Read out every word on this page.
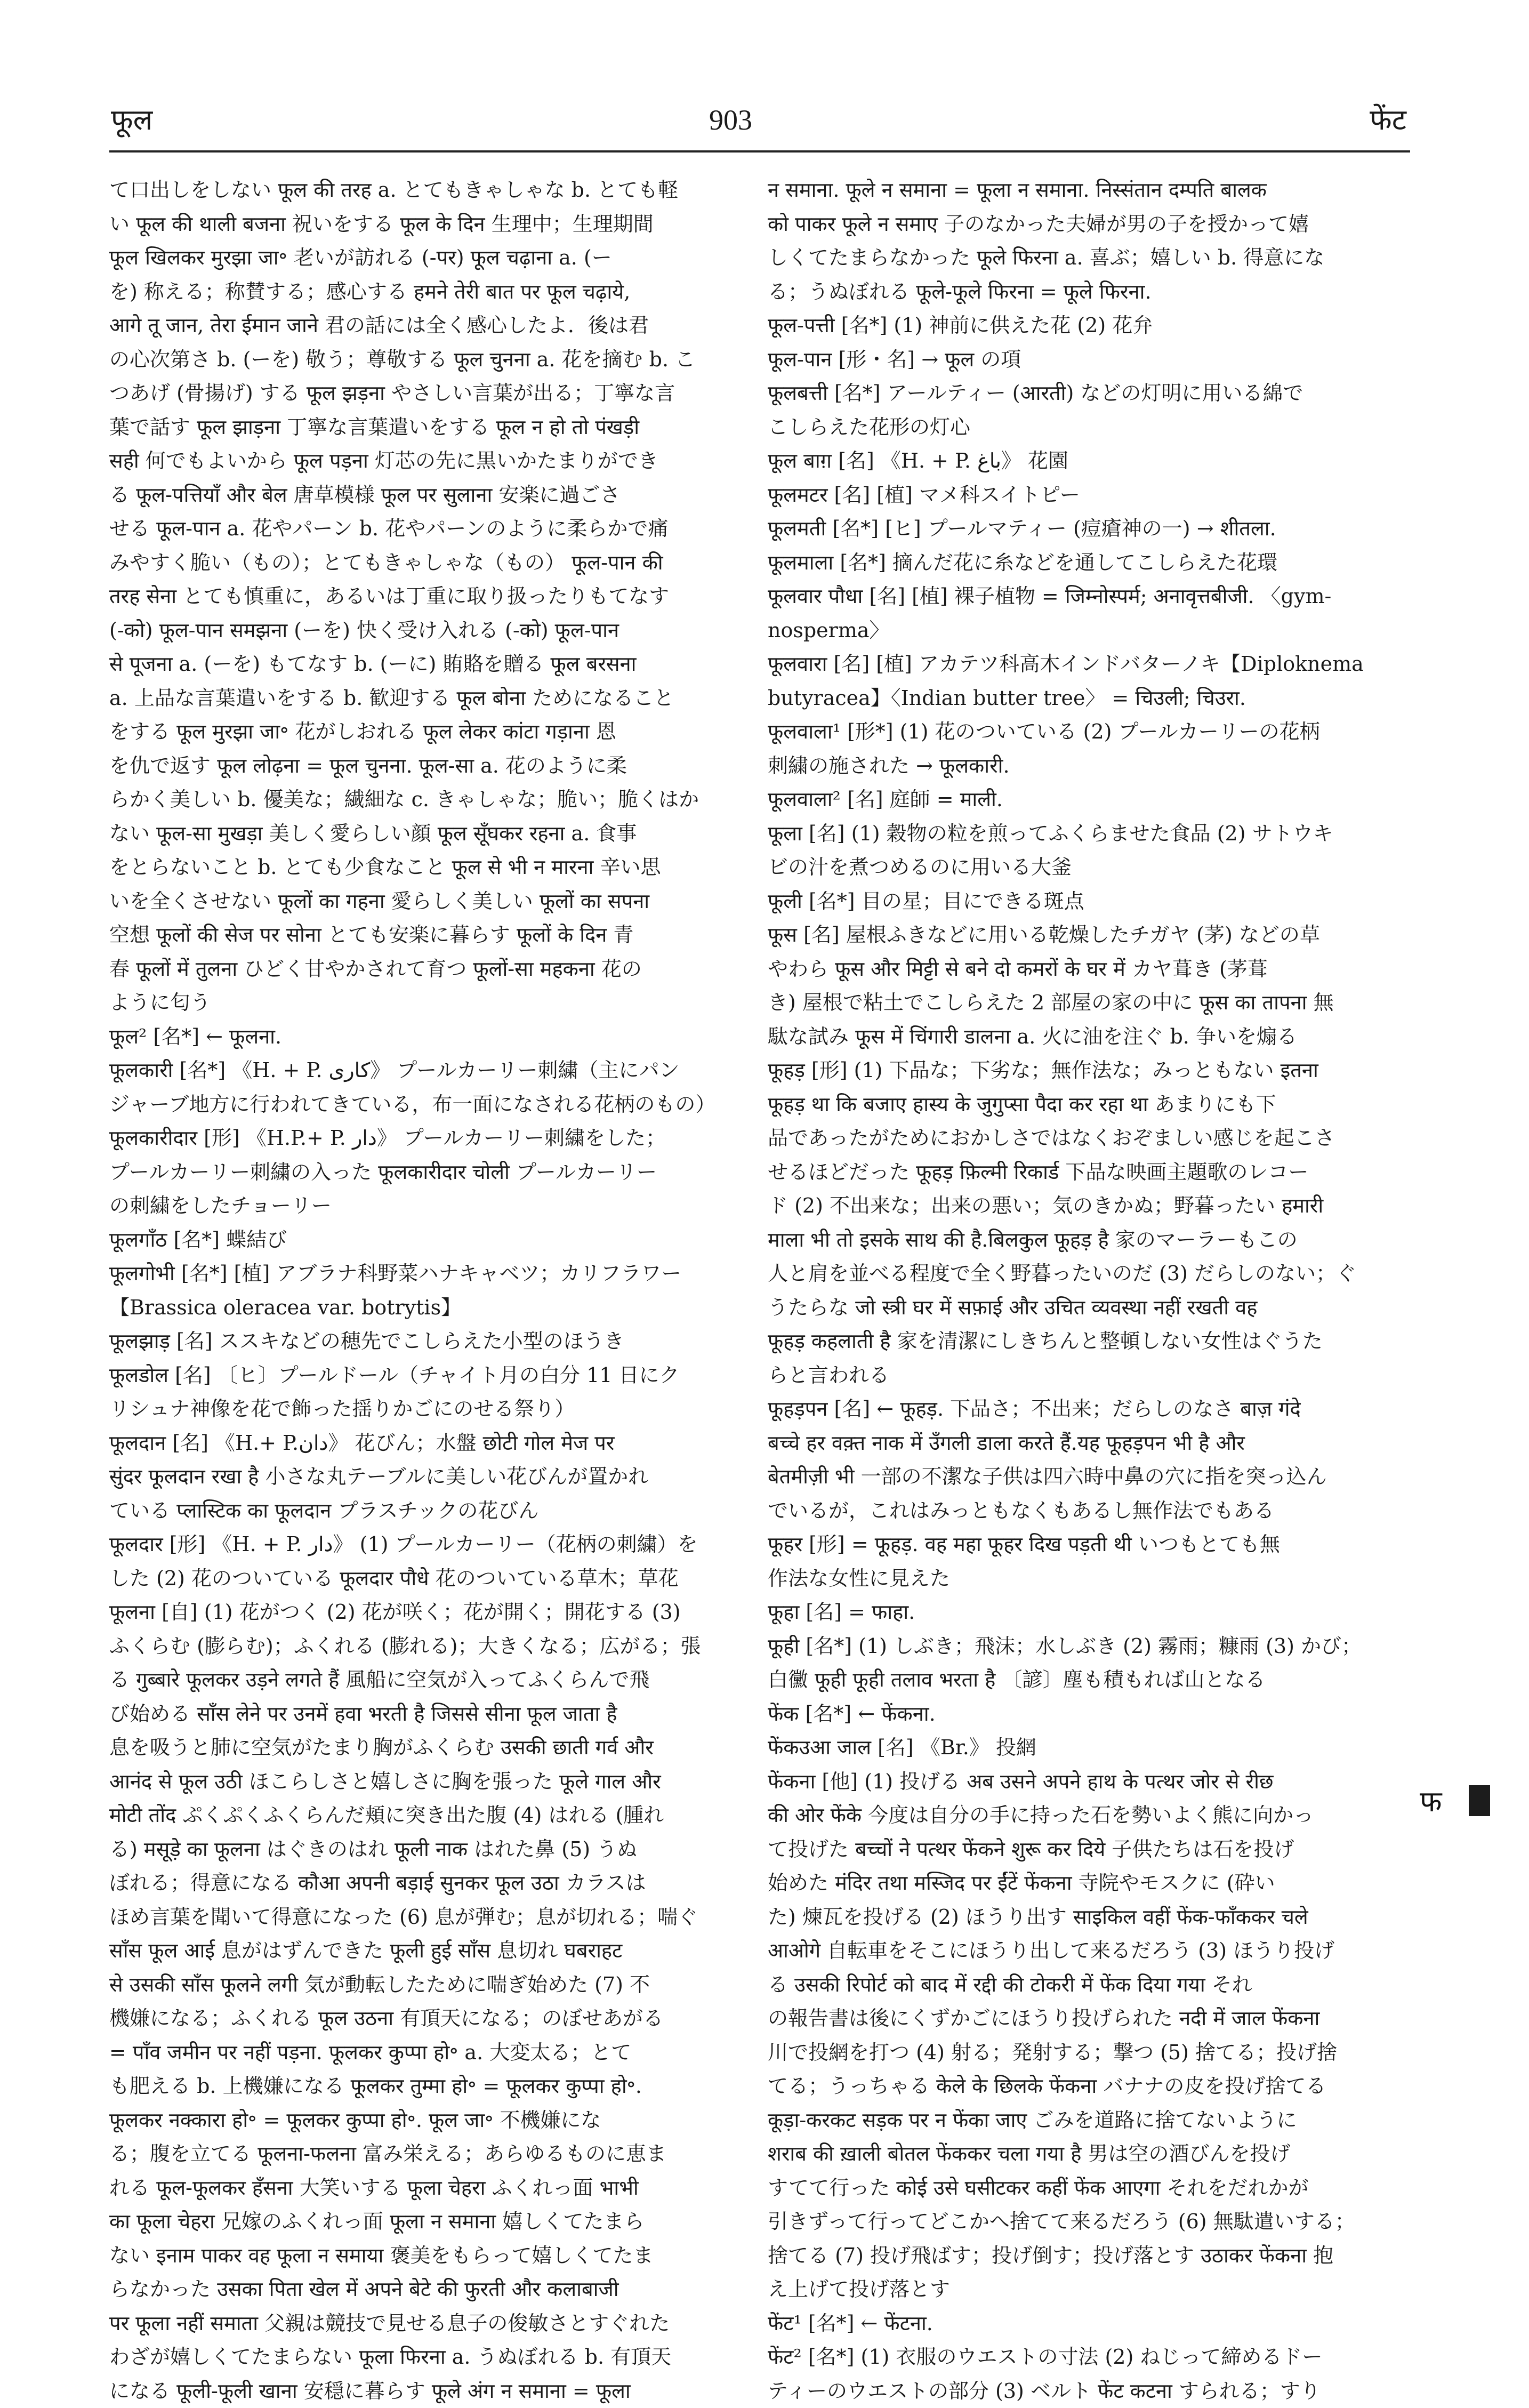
फूल	903	फेंट
て口出しをしない फूल की तरह a. とてもきゃしゃな b. とても軽
い फूल की थाली बजना 祝いをする फूल के दिन 生理中；生理期間
फूल खिलकर मुरझा जा॰ 老いが訪れる (-पर) फूल चढ़ाना a. (ー
を) 称える；称賛する；感心する हमने तेरी बात पर फूल चढ़ाये,
आगे तू जान, तेरा ईमान जाने 君の話には全く感心したよ．後は君
の心次第さ b. (ーを) 敬う；尊敬する फूल चुनना a. 花を摘む b. こ
つあげ (骨揚げ) する फूल झड़ना やさしい言葉が出る；丁寧な言
葉で話す फूल झाड़ना 丁寧な言葉遣いをする फूल न हो तो पंखड़ी
सही 何でもよいから फूल पड़ना 灯芯の先に黒いかたまりができ
る फूल-पत्तियाँ और बेल 唐草模様 फूल पर सुलाना 安楽に過ごさ
せる फूल-पान a. 花やパーン b. 花やパーンのように柔らかで痛
みやすく脆い（もの）；とてもきゃしゃな（もの） फूल-पान की
तरह सेना とても慎重に，あるいは丁重に取り扱ったりもてなす
(-को) फूल-पान समझना (ーを) 快く受け入れる (-को) फूल-पान
से पूजना a. (ーを) もてなす b. (ーに) 賄賂を贈る फूल बरसना
a. 上品な言葉遣いをする b. 歓迎する फूल बोना ためになること
をする फूल मुरझा जा॰ 花がしおれる फूल लेकर कांटा गड़ाना 恩
を仇で返す फूल लोढ़ना = फूल चुनना. फूल-सा a. 花のように柔
らかく美しい b. 優美な；繊細な c. きゃしゃな；脆い；脆くはか
ない फूल-सा मुखड़ा 美しく愛らしい顔 फूल सूँघकर रहना a. 食事
をとらないこと b. とても少食なこと फूल से भी न मारना 辛い思
いを全くさせない फूलों का गहना 愛らしく美しい फूलों का सपना
空想 फूलों की सेज पर सोना とても安楽に暮らす फूलों के दिन 青
春 फूलों में तुलना ひどく甘やかされて育つ फूलों-सा महकना 花の
ように匂う
फूल² [名*] ← फूलना.
फूलकारी [名*] 《H. + P. کاری》 プールカーリー刺繍（主にパン
ジャーブ地方に行われてきている，布一面になされる花柄のもの）
फूलकारीदार [形] 《H.P.+ P. دار》 プールカーリー刺繍をした；
プールカーリー刺繍の入った फूलकारीदार चोली プールカーリー
の刺繍をしたチョーリー
फूलगाँठ [名*] 蝶結び
फूलगोभी [名*] [植] アブラナ科野菜ハナキャベツ；カリフラワー
【Brassica oleracea var. botrytis】
फूलझाड़ [名] ススキなどの穂先でこしらえた小型のほうき
फूलडोल [名] 〔ヒ〕プールドール（チャイト月の白分 11 日にク
リシュナ神像を花で飾った揺りかごにのせる祭り）
फूलदान [名] 《H.+ P.دان》 花びん；水盤 छोटी गोल मेज पर
सुंदर फूलदान रखा है 小さな丸テーブルに美しい花びんが置かれ
ている प्लास्टिक का फूलदान プラスチックの花びん
फूलदार [形] 《H. + P. دار》 (1) プールカーリー（花柄の刺繍）を
した (2) 花のついている फूलदार पौधे 花のついている草木；草花
फूलना [自] (1) 花がつく (2) 花が咲く；花が開く；開花する (3)
ふくらむ (膨らむ)；ふくれる (膨れる)；大きくなる；広がる；張
る गुब्बारे फूलकर उड़ने लगते हैं 風船に空気が入ってふくらんで飛
び始める साँस लेने पर उनमें हवा भरती है जिससे सीना फूल जाता है
息を吸うと肺に空気がたまり胸がふくらむ उसकी छाती गर्व और
आनंद से फूल उठी ほこらしさと嬉しさに胸を張った फूले गाल और
मोटी तोंद ぷくぷくふくらんだ頬に突き出た腹 (4) はれる (腫れ
る) मसूड़े का फूलना はぐきのはれ फूली नाक はれた鼻 (5) うぬ
ぼれる；得意になる कौआ अपनी बड़ाई सुनकर फूल उठा カラスは
ほめ言葉を聞いて得意になった (6) 息が弾む；息が切れる；喘ぐ
साँस फूल आई 息がはずんできた फूली हुई साँस 息切れ घबराहट
से उसकी साँस फूलने लगी 気が動転したために喘ぎ始めた (7) 不
機嫌になる；ふくれる फूल उठना 有頂天になる；のぼせあがる
= पाँव जमीन पर नहीं पड़ना. फूलकर कुप्पा हो॰ a. 大変太る；とて
も肥える b. 上機嫌になる फूलकर तुम्मा हो॰ = फूलकर कुप्पा हो॰.
फूलकर नक्कारा हो॰ = फूलकर कुप्पा हो॰. फूल जा॰ 不機嫌にな
る；腹を立てる फूलना-फलना 富み栄える；あらゆるものに恵ま
れる फूल-फूलकर हँसना 大笑いする फूला चेहरा ふくれっ面 भाभी
का फूला चेहरा 兄嫁のふくれっ面 फूला न समाना 嬉しくてたまら
ない इनाम पाकर वह फूला न समाया 褒美をもらって嬉しくてたま
らなかった उसका पिता खेल में अपने बेटे की फुरती और कलाबाजी
पर फूला नहीं समाता 父親は競技で見せる息子の俊敏さとすぐれた
わざが嬉しくてたまらない फूला फिरना a. うぬぼれる b. 有頂天
になる फूली-फूली खाना 安穏に暮らす फूले अंग न समाना = फूला
न समाना. फूले न समाना = फूला न समाना. निस्संतान दम्पति बालक
को पाकर फूले न समाए 子のなかった夫婦が男の子を授かって嬉
しくてたまらなかった फूले फिरना a. 喜ぶ；嬉しい b. 得意にな
る；うぬぼれる फूले-फूले फिरना = फूले फिरना.
फूल-पत्ती [名*] (1) 神前に供えた花 (2) 花弁
फूल-पान [形・名] → फूल の項
फूलबत्ती [名*] アールティー (आरती) などの灯明に用いる綿で
こしらえた花形の灯心
फूल बाग़ [名] 《H. + P. باغ》 花園
फूलमटर [名] [植] マメ科スイトピー
फूलमती [名*] [ヒ] プールマティー (痘瘡神の一) → शीतला.
फूलमाला [名*] 摘んだ花に糸などを通してこしらえた花環
फूलवार पौधा [名] [植] 裸子植物 = जिम्नोस्पर्म; अनावृत्तबीजी. 〈gym-
nosperma〉
फूलवारा [名] [植] アカテツ科高木インドバターノキ【Diploknema
butyracea】〈Indian butter tree〉 = चिउली; चिउरा.
फूलवाला¹ [形*] (1) 花のついている (2) プールカーリーの花柄
刺繍の施された → फूलकारी.
फूलवाला² [名] 庭師 = माली.
फूला [名] (1) 穀物の粒を煎ってふくらませた食品 (2) サトウキ
ビの汁を煮つめるのに用いる大釜
फूली [名*] 目の星；目にできる斑点
फूस [名] 屋根ふきなどに用いる乾燥したチガヤ (茅) などの草
やわら फूस और मिट्टी से बने दो कमरों के घर में カヤ葺き (茅葺
き) 屋根で粘土でこしらえた 2 部屋の家の中に फूस का तापना 無
駄な試み फूस में चिंगारी डालना a. 火に油を注ぐ b. 争いを煽る
फूहड़ [形] (1) 下品な；下劣な；無作法な；みっともない इतना
फूहड़ था कि बजाए हास्य के जुगुप्सा पैदा कर रहा था あまりにも下
品であったがためにおかしさではなくおぞましい感じを起こさ
せるほどだった फूहड़ फ़िल्मी रिकार्ड 下品な映画主題歌のレコー
ド (2) 不出来な；出来の悪い；気のきかぬ；野暮ったい हमारी
माला भी तो इसके साथ की है.बिलकुल फूहड़ है 家のマーラーもこの
人と肩を並べる程度で全く野暮ったいのだ (3) だらしのない；ぐ
うたらな जो स्त्री घर में सफ़ाई और उचित व्यवस्था नहीं रखती वह
फूहड़ कहलाती है 家を清潔にしきちんと整頓しない女性はぐうた
らと言われる
फूहड़पन [名] ← फूहड़. 下品さ；不出来；だらしのなさ बाज़ गंदे
बच्चे हर वक़्त नाक में उँगली डाला करते हैं.यह फूहड़पन भी है और
बेतमीज़ी भी 一部の不潔な子供は四六時中鼻の穴に指を突っ込ん
でいるが，これはみっともなくもあるし無作法でもある
फूहर [形] = फूहड़. वह महा फूहर दिख पड़ती थी いつもとても無
作法な女性に見えた
फूहा [名] = फाहा.
फूही [名*] (1) しぶき；飛沫；水しぶき (2) 霧雨；糠雨 (3) かび；
白黴 फूही फूही तलाव भरता है 〔諺〕塵も積もれば山となる
फेंक [名*] ← फेंकना.
फेंकउआ जाल [名] 《Br.》 投網
फेंकना [他] (1) 投げる अब उसने अपने हाथ के पत्थर जोर से रीछ
की ओर फेंके 今度は自分の手に持った石を勢いよく熊に向かっ
て投げた बच्चों ने पत्थर फेंकने शुरू कर दिये 子供たちは石を投げ
始めた मंदिर तथा मस्जिद पर ईंटें फेंकना 寺院やモスクに (砕い
た) 煉瓦を投げる (2) ほうり出す साइकिल वहीं फेंक-फाँककर चले
आओगे 自転車をそこにほうり出して来るだろう (3) ほうり投げ
る उसकी रिपोर्ट को बाद में रद्दी की टोकरी में फेंक दिया गया それ
の報告書は後にくずかごにほうり投げられた नदी में जाल फेंकना
川で投網を打つ (4) 射る；発射する；撃つ (5) 捨てる；投げ捨
てる；うっちゃる केले के छिलके फेंकना バナナの皮を投げ捨てる
कूड़ा-करकट सड़क पर न फेंका जाए ごみを道路に捨てないように
शराब की ख़ाली बोतल फेंककर चला गया है 男は空の酒びんを投げ
すてて行った कोई उसे घसीटकर कहीं फेंक आएगा それをだれかが
引きずって行ってどこかへ捨てて来るだろう (6) 無駄遣いする；
捨てる (7) 投げ飛ばす；投げ倒す；投げ落とす उठाकर फेंकना 抱
え上げて投げ落とす
फेंट¹ [名*] ← फेंटना.
फेंट² [名*] (1) 衣服のウエストの寸法 (2) ねじって締めるドー
ティーのウエストの部分 (3) ベルト फेंट कटना すられる；すり
फ
